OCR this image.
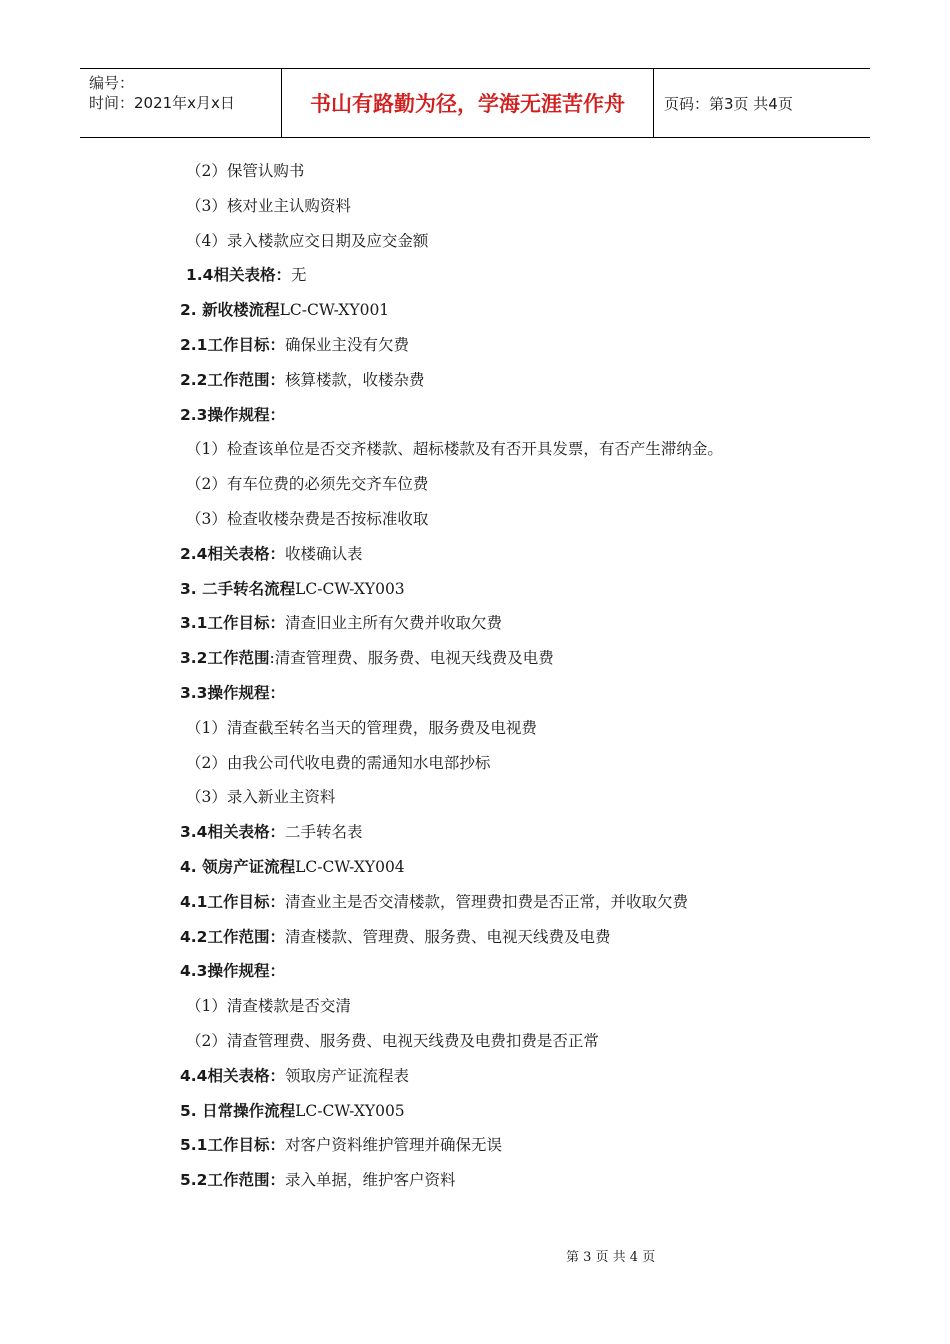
编号：
时间：2021年x月x日	书山有路勤为径，学海无涯苦作舟	页码：第3页 共4页
（2）保管认购书
（3）核对业主认购资料
（4）录入楼款应交日期及应交金额
1.4相关表格：无
2. 新收楼流程LC-CW-XY001
2.1工作目标：确保业主没有欠费
2.2工作范围：核算楼款，收楼杂费
2.3操作规程：
（1）检查该单位是否交齐楼款、超标楼款及有否开具发票，有否产生滞纳金。
（2）有车位费的必须先交齐车位费
（3）检查收楼杂费是否按标准收取
2.4相关表格：收楼确认表
3. 二手转名流程LC-CW-XY003
3.1工作目标：清查旧业主所有欠费并收取欠费
3.2工作范围:清查管理费、服务费、电视天线费及电费
3.3操作规程：
（1）清查截至转名当天的管理费，服务费及电视费
（2）由我公司代收电费的需通知水电部抄标
（3）录入新业主资料
3.4相关表格：二手转名表
4. 领房产证流程LC-CW-XY004
4.1工作目标：清查业主是否交清楼款，管理费扣费是否正常，并收取欠费
4.2工作范围：清查楼款、管理费、服务费、电视天线费及电费
4.3操作规程：
（1）清查楼款是否交清
（2）清查管理费、服务费、电视天线费及电费扣费是否正常
4.4相关表格：领取房产证流程表
5. 日常操作流程LC-CW-XY005
5.1工作目标：对客户资料维护管理并确保无误
5.2工作范围：录入单据，维护客户资料
第 3 页 共 4 页
